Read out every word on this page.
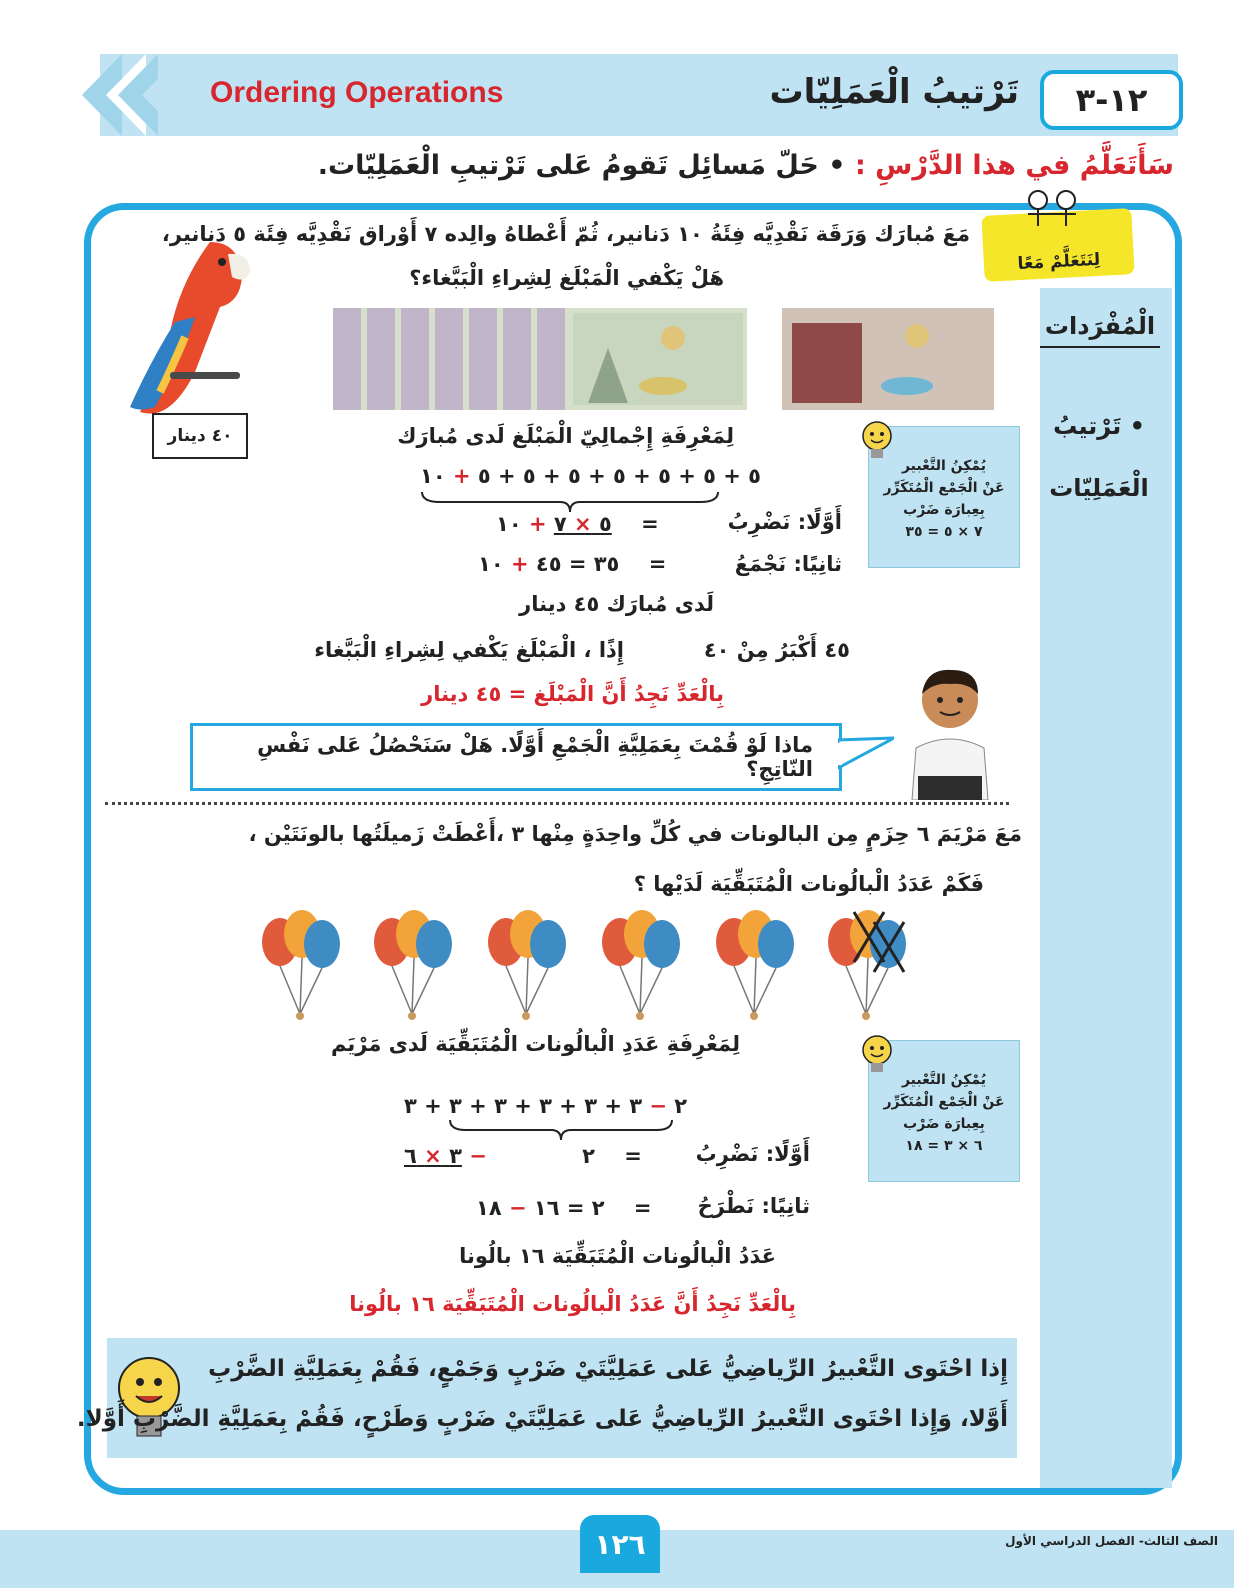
١٢-٣
تَرْتيبُ الْعَمَلِيّات
Ordering Operations
سَأَتَعَلَّمُ في هذا الدَّرْسِ : • حَلّ مَسائِل تَقومُ عَلى تَرْتيبِ الْعَمَلِيّات.
لِنَتَعَلَّمْ مَعًا
الْمُفْرَدات
• تَرْتيبُ الْعَمَلِيّات
مَعَ مُبارَك وَرَقَة نَقْدِيَّه فِئَةُ ١٠ دَنانير، ثُمّ أَعْطاهُ والِده ٧ أَوْراق نَقْدِيَّه فِئَة ٥ دَنانير،
هَلْ يَكْفي الْمَبْلَغ لِشِراءِ الْبَبَّغاء؟
٤٠ دينار
يُمْكِنُ التَّعْبير
عَنْ الْجَمْع الْمُتَكَرِّر
بِعِبارَة ضَرْب
٧ × ٥ = ٣٥
لِمَعْرِفَةِ إِجْمالِيّ الْمَبْلَغ لَدى مُبارَك
٥ + ٥ + ٥ + ٥ + ٥ + ٥ + ٥ + ١٠
أَوَّلًا: نَضْرِبُ
٥ × ٧ + ١٠	=
ثانِيًا: نَجْمَعُ
٣٥ = ٤٥ + ١٠	=
لَدى مُبارَك ٤٥ دينار
٤٥ أَكْبَرُ مِنْ ٤٠
إِذًا ، الْمَبْلَغ يَكْفي لِشِراءِ الْبَبَّغاء
بِالْعَدِّ نَجِدُ أَنَّ الْمَبْلَغ = ٤٥ دينار
ماذا لَوْ قُمْتَ بِعَمَلِيَّةِ الْجَمْعِ أَوَّلًا. هَلْ سَنَحْصُلُ عَلى نَفْسِ النّاتِجِ؟
مَعَ مَرْيَمَ ٦ حِزَمٍ مِن البالونات في كُلِّ واحِدَةٍ مِنْها ٣ ،أَعْطَتْ زَميلَتُها بالونَتَيْن ،
فَكَمْ عَدَدُ الْبالُونات الْمُتَبَقِّيَة لَدَيْها ؟
لِمَعْرِفَةِ عَدَدِ الْبالُونات الْمُتَبَقِّيَة لَدى مَرْيَم
يُمْكِنُ التَّعْبير
عَنْ الْجَمْع الْمُتَكَرِّر
بِعِبارَة ضَرْب
٦ × ٣ = ١٨
٢ − ٣ + ٣ + ٣ + ٣ + ٣ + ٣
أَوَّلًا: نَضْرِبُ
٢ − ٣ × ٦	=
ثانِيًا: نَطْرَحُ
٢ = ١٦ − ١٨	=
عَدَدُ الْبالُونات الْمُتَبَقِّيَة ١٦ بالُونا
بِالْعَدِّ نَجِدُ أَنَّ عَدَدُ الْبالُونات الْمُتَبَقِّيَة ١٦ بالُونا
إِذا احْتَوى التَّعْبيرُ الرِّياضِيُّ عَلى عَمَلِيَّتَيْ ضَرْبٍ وَجَمْعٍ، فَقُمْ بِعَمَلِيَّةِ الضَّرْبِ
أَوَّلا، وَإِذا احْتَوى التَّعْبيرُ الرِّياضِيُّ عَلى عَمَلِيَّتَيْ ضَرْبٍ وَطَرْحٍ، فَقُمْ بِعَمَلِيَّةِ الضَّرْبِ أَوَّلا.
١٢٦	الصف الثالث- الفصل الدراسي الأول
